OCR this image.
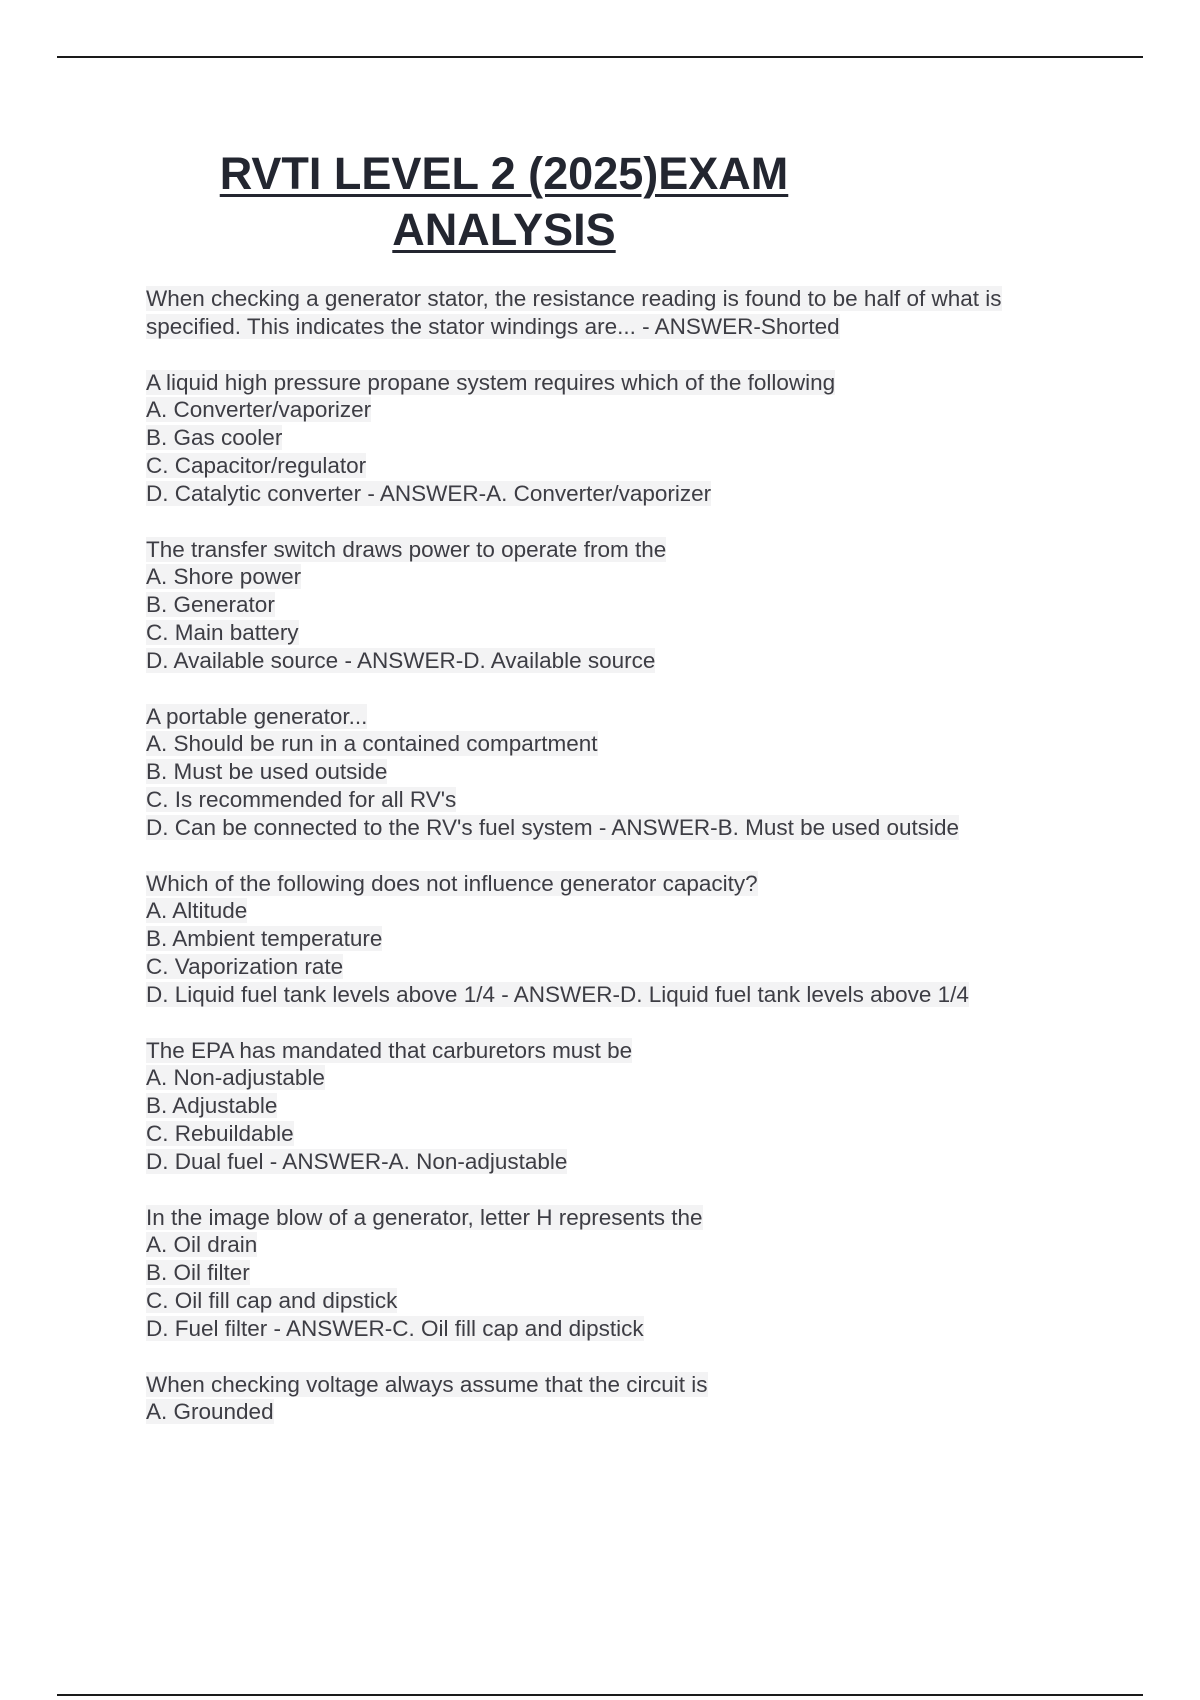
RVTI LEVEL 2 (2025)EXAM
ANALYSIS
When checking a generator stator, the resistance reading is found to be half of what is
specified. This indicates the stator windings are... - ANSWER-Shorted
A liquid high pressure propane system requires which of the following
A. Converter/vaporizer
B. Gas cooler
C. Capacitor/regulator
D. Catalytic converter - ANSWER-A. Converter/vaporizer
The transfer switch draws power to operate from the
A. Shore power
B. Generator
C. Main battery
D. Available source - ANSWER-D. Available source
A portable generator...
A. Should be run in a contained compartment
B. Must be used outside
C. Is recommended for all RV's
D. Can be connected to the RV's fuel system - ANSWER-B. Must be used outside
Which of the following does not influence generator capacity?
A. Altitude
B. Ambient temperature
C. Vaporization rate
D. Liquid fuel tank levels above 1/4 - ANSWER-D. Liquid fuel tank levels above 1/4
The EPA has mandated that carburetors must be
A. Non-adjustable
B. Adjustable
C. Rebuildable
D. Dual fuel - ANSWER-A. Non-adjustable
In the image blow of a generator, letter H represents the
A. Oil drain
B. Oil filter
C. Oil fill cap and dipstick
D. Fuel filter - ANSWER-C. Oil fill cap and dipstick
When checking voltage always assume that the circuit is
A. Grounded
